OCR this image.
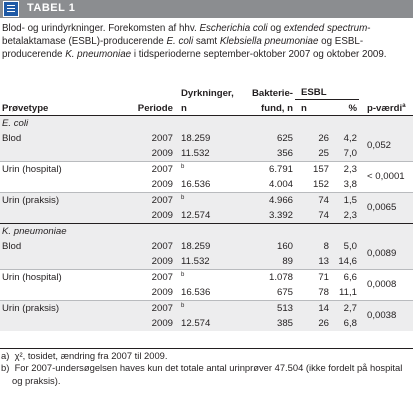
TABEL 1
Blod- og urindyrkninger. Forekomsten af hhv. Escherichia coli og extended spectrum-betalaktamase (ESBL)-producerende E. coli samt Klebsiella pneumoniae og ESBL-producerende K. pneumoniae i tidsperioderne september-oktober 2007 og oktober 2009.
		Dyrkninger,	Bakterie-	ESBL		
Prøvetype	Periode	n	fund, n	n	%	p-værdi$^a$
E. coli						
Blod	2007	18.259	625	26	4,2	0,052
	2009	11.532	356	25	7,0	
Urin (hospital)	2007	$^b$	6.791	157	2,3	< 0,0001
	2009	16.536	4.004	152	3,8	
Urin (praksis)	2007	$^b$	4.966	74	1,5	0,0065
	2009	12.574	3.392	74	2,3	
K. pneumoniae						
Blod	2007	18.259	160	8	5,0	0,0089
	2009	11.532	89	13	14,6	
Urin (hospital)	2007	$^b$	1.078	71	6,6	0,0008
	2009	16.536	675	78	11,1	
Urin (praksis)	2007	$^b$	513	14	2,7	0,0038
	2009	12.574	385	26	6,8	
a) χ², tosidet, ændring fra 2007 til 2009.
b) For 2007-undersøgelsen haves kun det totale antal urinprøver 47.504 (ikke fordelt på hospital
og praksis).
